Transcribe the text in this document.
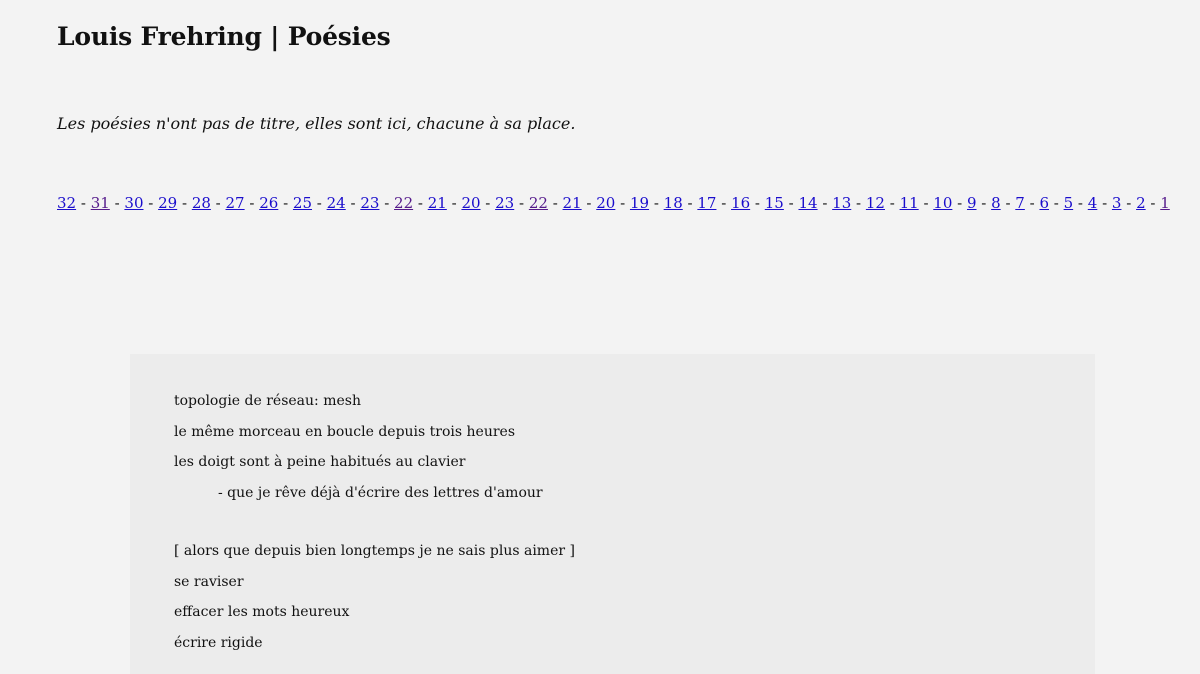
Louis Frehring | Poésies

Les poésies n'ont pas de titre, elles sont ici, chacune à sa place.

32 - 31 - 30 - 29 - 28 - 27 - 26 - 25 - 24 - 23 - 22 - 21 - 20 - 23 - 22 - 21 - 20 - 19 - 18 - 17 - 16 - 15 - 14 - 13 - 12 - 11 - 10 - 9 - 8 - 7 - 6 - 5 - 4 - 3 - 2 - 1
topologie de réseau: mesh
le même morceau en boucle depuis trois heures
les doigt sont à peine habitués au clavier
- que je rêve déjà d'écrire des lettres d'amour
[ alors que depuis bien longtemps je ne sais plus aimer ]
se raviser
effacer les mots heureux
écrire rigide
